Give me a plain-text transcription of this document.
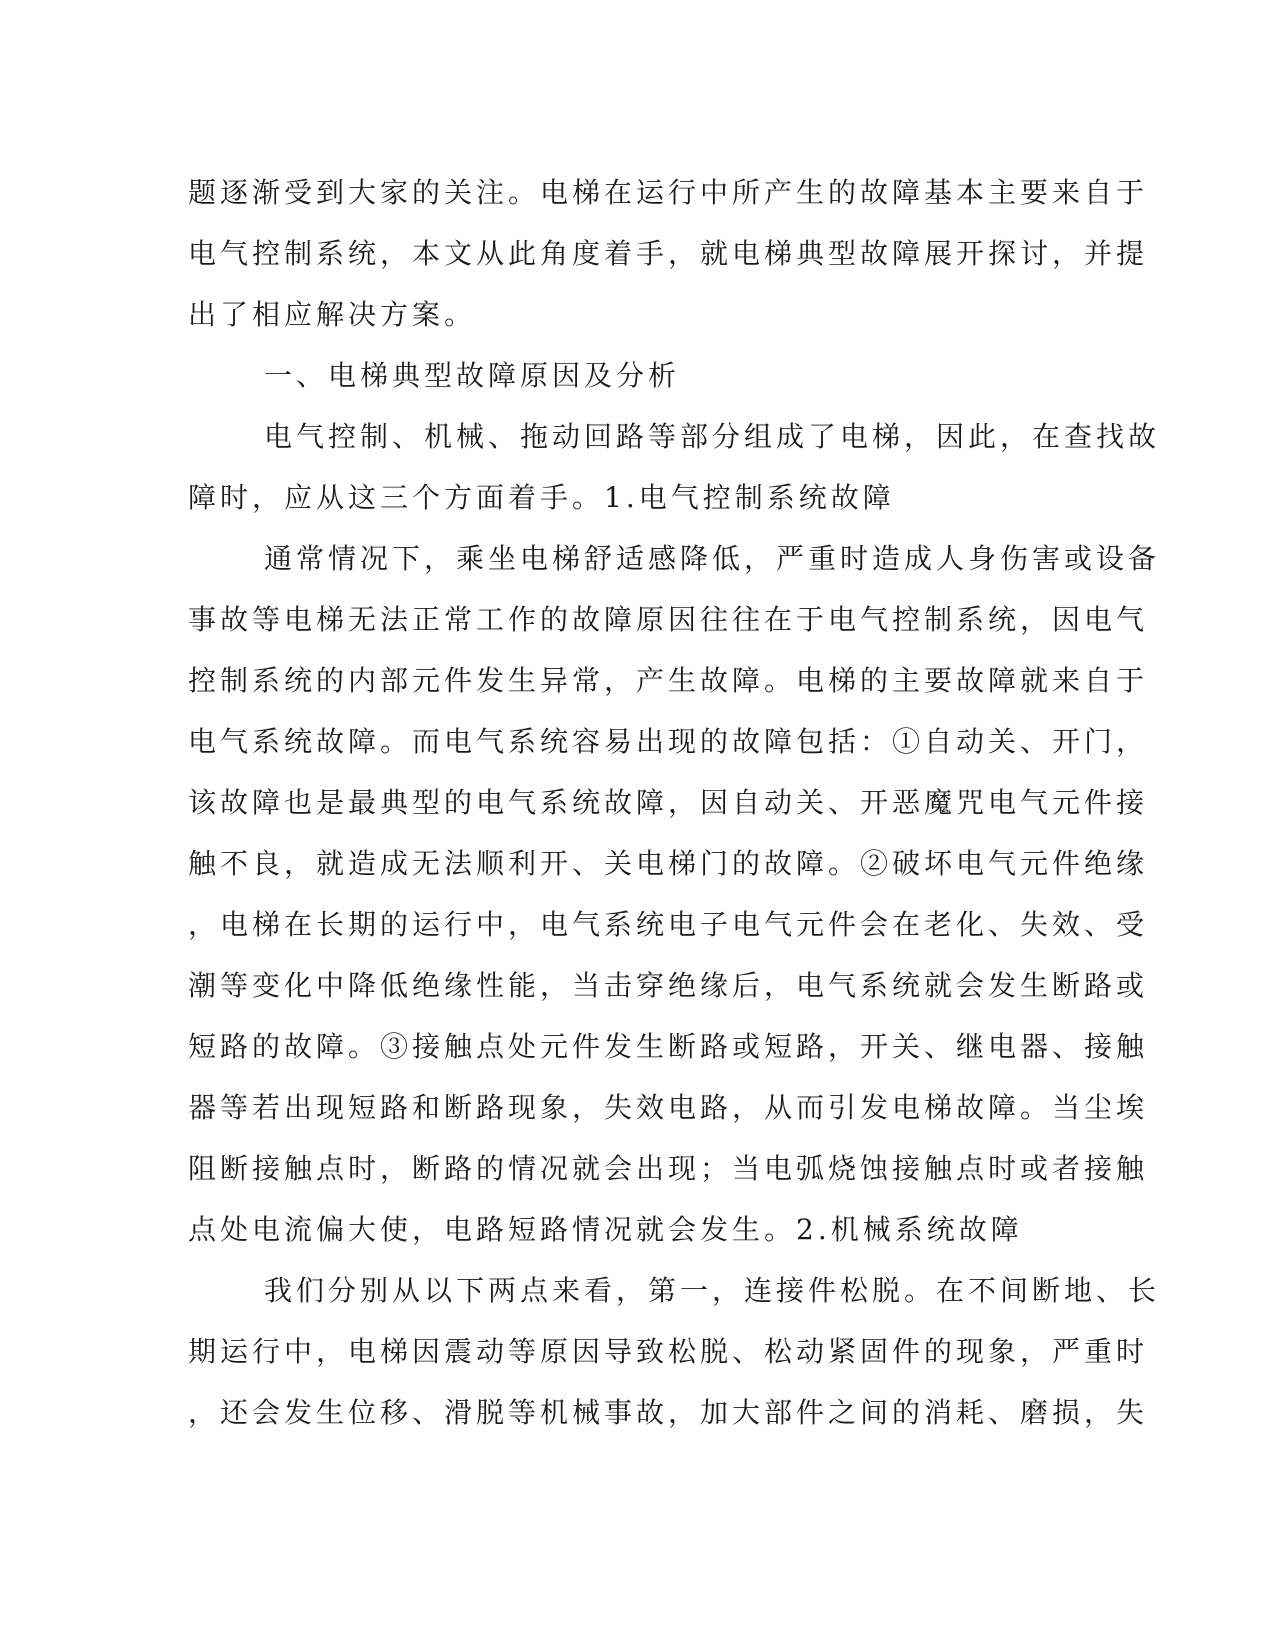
题逐渐受到大家的关注。电梯在运行中所产生的故障基本主要来自于
电气控制系统，本文从此角度着手，就电梯典型故障展开探讨，并提
出了相应解决方案。
一、电梯典型故障原因及分析
电气控制、机械、拖动回路等部分组成了电梯，因此，在查找故
障时，应从这三个方面着手。1.电气控制系统故障
通常情况下，乘坐电梯舒适感降低，严重时造成人身伤害或设备
事故等电梯无法正常工作的故障原因往往在于电气控制系统，因电气
控制系统的内部元件发生异常，产生故障。电梯的主要故障就来自于
电气系统故障。而电气系统容易出现的故障包括：①自动关、开门，
该故障也是最典型的电气系统故障，因自动关、开恶魔咒电气元件接
触不良，就造成无法顺利开、关电梯门的故障。②破坏电气元件绝缘
，电梯在长期的运行中，电气系统电子电气元件会在老化、失效、受
潮等变化中降低绝缘性能，当击穿绝缘后，电气系统就会发生断路或
短路的故障。③接触点处元件发生断路或短路，开关、继电器、接触
器等若出现短路和断路现象，失效电路，从而引发电梯故障。当尘埃
阻断接触点时，断路的情况就会出现；当电弧烧蚀接触点时或者接触
点处电流偏大使，电路短路情况就会发生。2.机械系统故障
我们分别从以下两点来看，第一，连接件松脱。在不间断地、长
期运行中，电梯因震动等原因导致松脱、松动紧固件的现象，严重时
，还会发生位移、滑脱等机械事故，加大部件之间的消耗、磨损，失
